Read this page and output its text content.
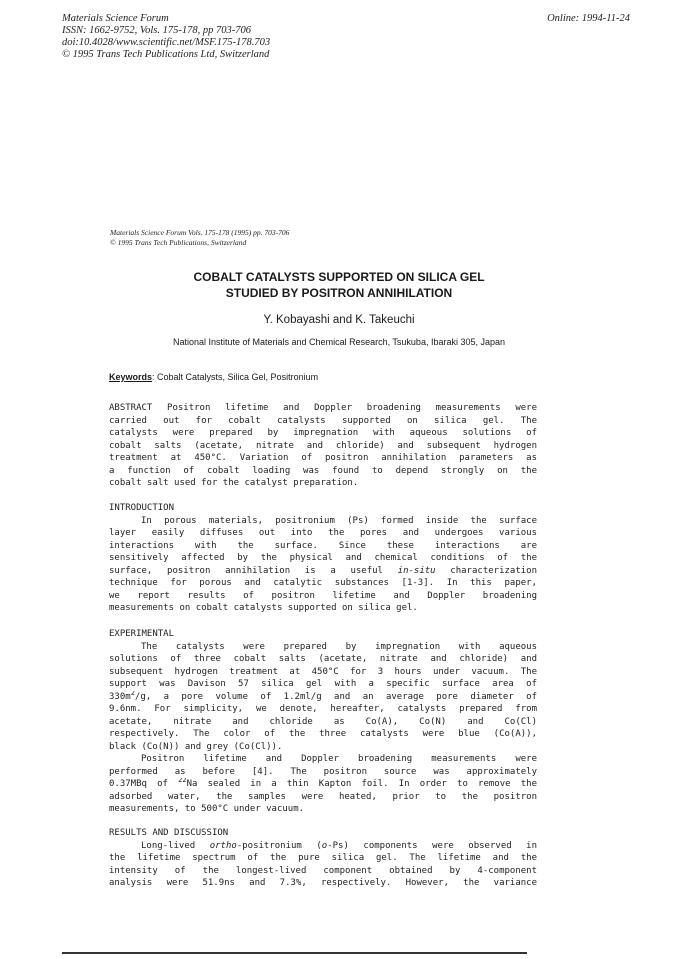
Materials Science Forum
ISSN: 1662-9752, Vols. 175-178, pp 703-706
doi:10.4028/www.scientific.net/MSF.175-178.703
© 1995 Trans Tech Publications Ltd, Switzerland
Online: 1994-11-24
Materials Science Forum Vols. 175-178 (1995) pp. 703-706
© 1995 Trans Tech Publications, Switzerland
COBALT CATALYSTS SUPPORTED ON SILICA GEL
STUDIED BY POSITRON ANNIHILATION
Y. Kobayashi and K. Takeuchi
National Institute of Materials and Chemical Research, Tsukuba, Ibaraki 305, Japan
Keywords: Cobalt Catalysts, Silica Gel, Positronium
ABSTRACT Positron lifetime and Doppler broadening measurements were
carried out for cobalt catalysts supported on silica gel. The
catalysts were prepared by impregnation with aqueous solutions of
cobalt salts (acetate, nitrate and chloride) and subsequent hydrogen
treatment at 450°C. Variation of positron annihilation parameters as
a function of cobalt loading was found to depend strongly on the
cobalt salt used for the catalyst preparation.
INTRODUCTION
In porous materials, positronium (Ps) formed inside the surface
layer easily diffuses out into the pores and undergoes various
interactions with the surface. Since these interactions are
sensitively affected by the physical and chemical conditions of the
surface, positron annihilation is a useful in-situ characterization
technique for porous and catalytic substances [1-3]. In this paper,
we report results of positron lifetime and Doppler broadening
measurements on cobalt catalysts supported on silica gel.
EXPERIMENTAL
The catalysts were prepared by impregnation with aqueous
solutions of three cobalt salts (acetate, nitrate and chloride) and
subsequent hydrogen treatment at 450°C for 3 hours under vacuum. The
support was Davison 57 silica gel with a specific surface area of
$330m^2/g$, a pore volume of 1.2ml/g and an average pore diameter of
9.6nm. For simplicity, we denote, hereafter, catalysts prepared from
acetate, nitrate and chloride as Co(A), Co(N) and Co(Cl)
respectively. The color of the three catalysts were blue (Co(A)),
black (Co(N)) and grey (Co(Cl)).
Positron lifetime and Doppler broadening measurements were
performed as before [4]. The positron source was approximately
0.37MBq of $^{22}$Na sealed in a thin Kapton foil. In order to remove the
adsorbed water, the samples were heated, prior to the positron
measurements, to 500°C under vacuum.
RESULTS AND DISCUSSION
Long-lived ortho-positronium (o-Ps) components were observed in
the lifetime spectrum of the pure silica gel. The lifetime and the
intensity of the longest-lived component obtained by 4-component
analysis were 51.9ns and 7.3%, respectively. However, the variance
